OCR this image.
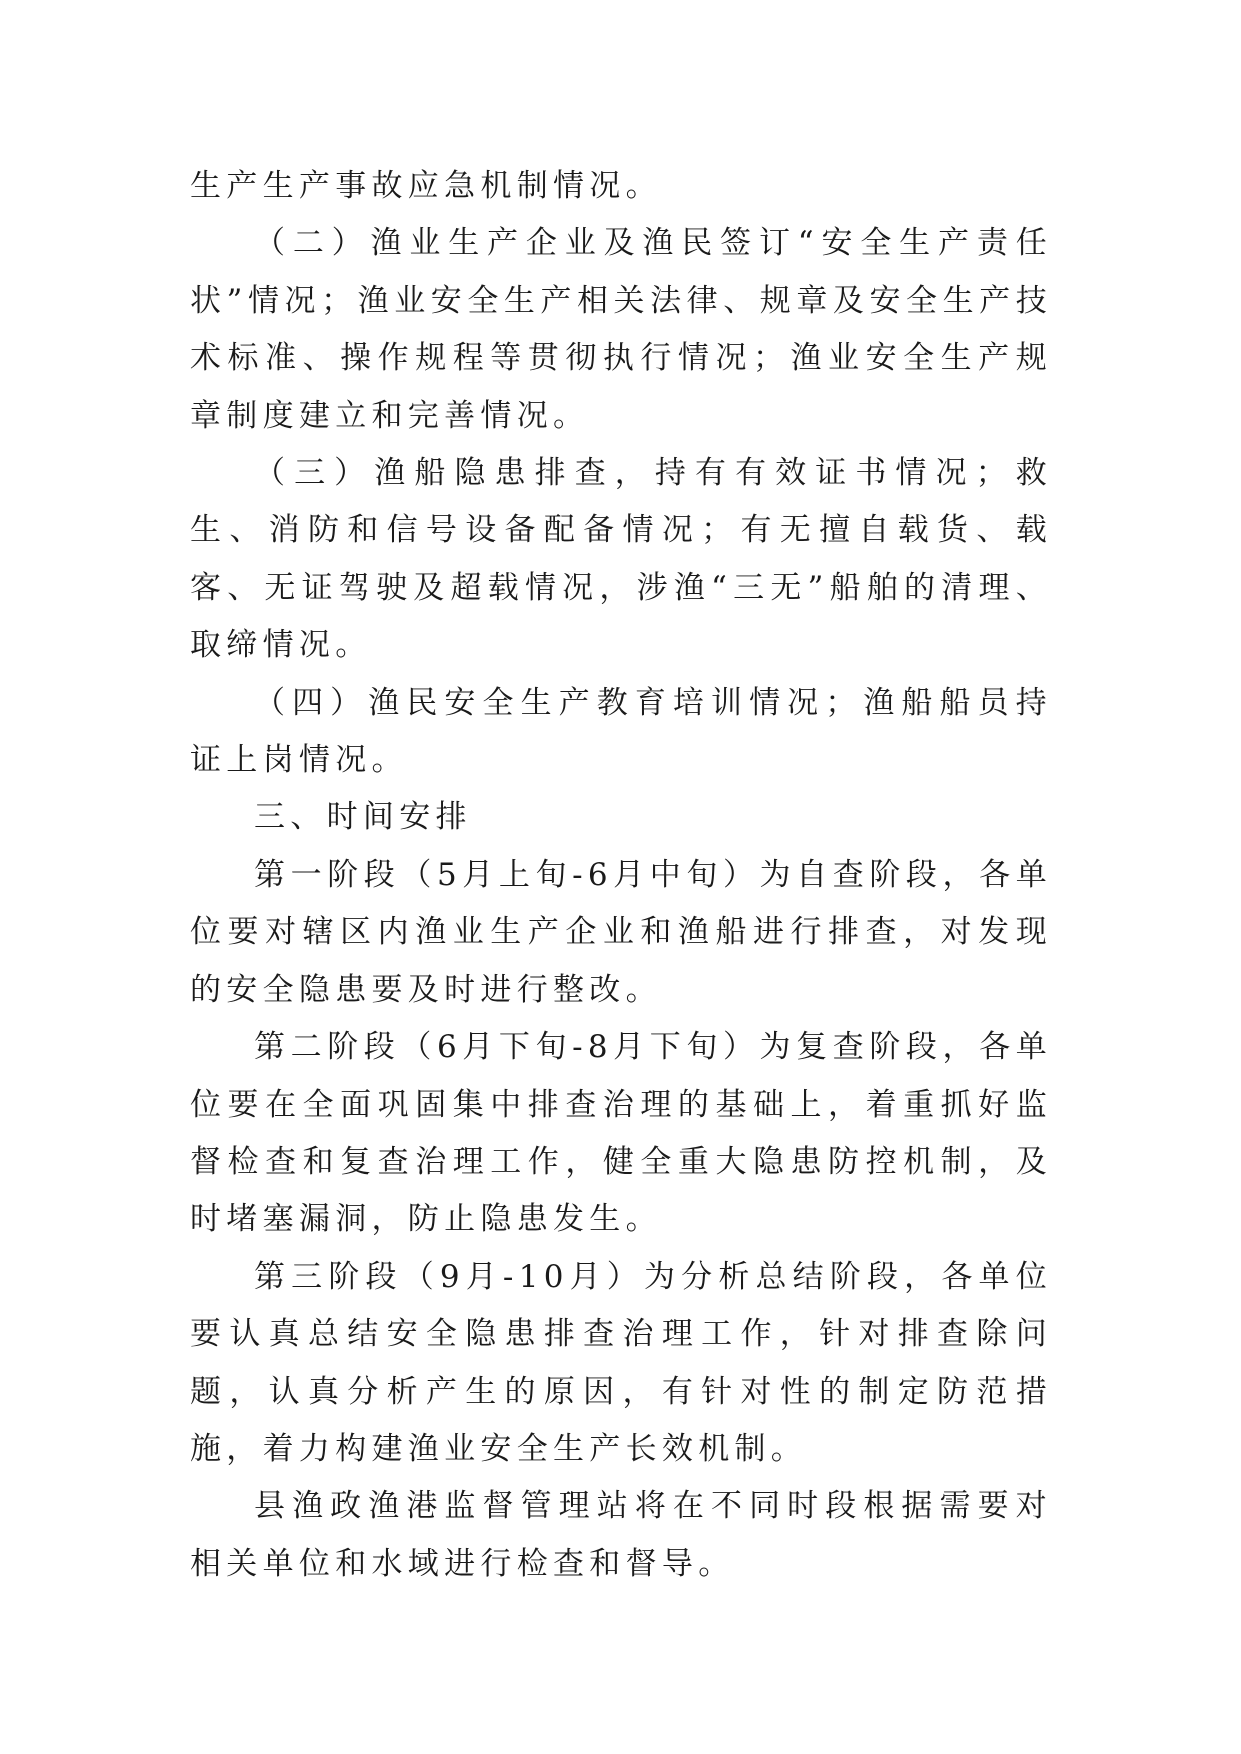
生产生产事故应急机制情况。

（二）渔业生产企业及渔民签订“安全生产责任状”情况；渔业安全生产相关法律、规章及安全生产技术标准、操作规程等贯彻执行情况；渔业安全生产规章制度建立和完善情况。

（三）渔船隐患排查，持有有效证书情况；救生、消防和信号设备配备情况；有无擅自载货、载客、无证驾驶及超载情况，涉渔“三无”船舶的清理、取缔情况。

（四）渔民安全生产教育培训情况；渔船船员持证上岗情况。

三、时间安排

第一阶段（5月上旬-6月中旬）为自查阶段，各单位要对辖区内渔业生产企业和渔船进行排查，对发现的安全隐患要及时进行整改。

第二阶段（6月下旬-8月下旬）为复查阶段，各单位要在全面巩固集中排查治理的基础上，着重抓好监督检查和复查治理工作，健全重大隐患防控机制，及时堵塞漏洞，防止隐患发生。

第三阶段（9月-10月）为分析总结阶段，各单位要认真总结安全隐患排查治理工作，针对排查除问题，认真分析产生的原因，有针对性的制定防范措施，着力构建渔业安全生产长效机制。

县渔政渔港监督管理站将在不同时段根据需要对相关单位和水域进行检查和督导。
